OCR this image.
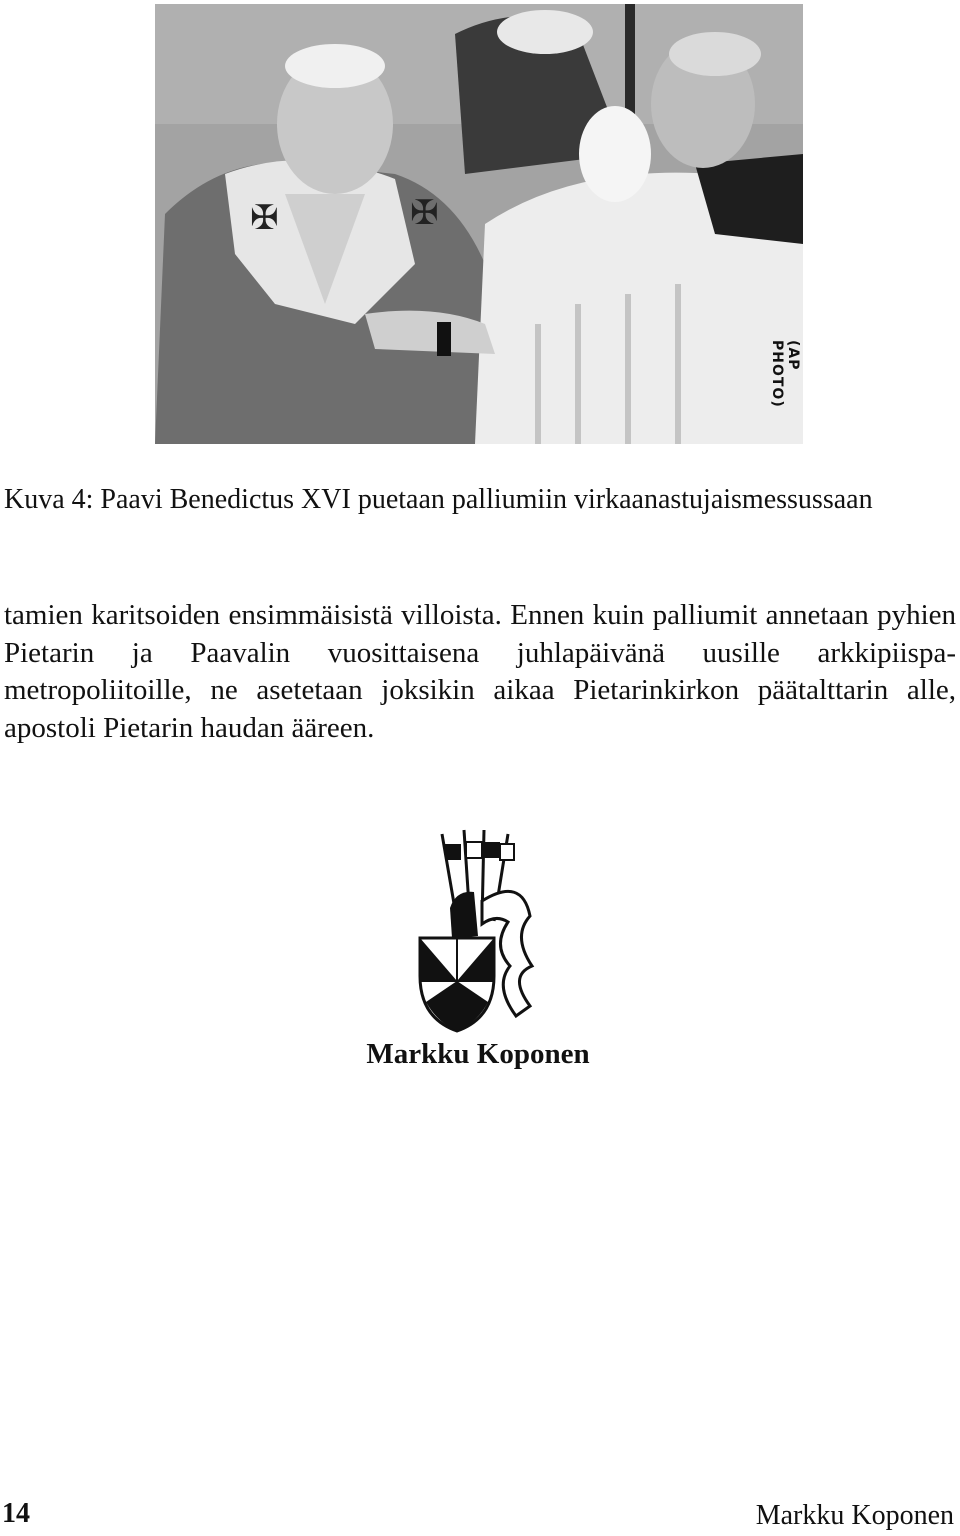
✠	✠
(AP PHOTO)

Kuva 4: Paavi Benedictus XVI puetaan palliumiin virkaanastujaismessussaan

tamien karitsoiden ensimmäisistä villoista. Ennen kuin palliumit annetaan pyhien Pietarin ja Paavalin vuosittaisena juhlapäivänä uusille arkkipiispa-metropoliitoille, ne asetetaan joksikin aikaa Pietarinkirkon päätalttarin alle, apostoli Pietarin haudan ääreen.

Markku Koponen

14	Markku Koponen
